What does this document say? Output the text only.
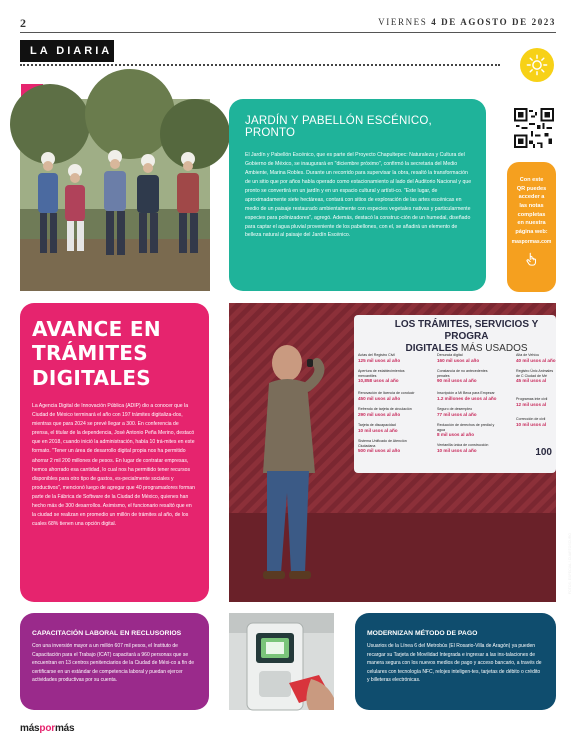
2	VIERNES 4 DE AGOSTO DE 2023
LA DIARIA
JARDÍN Y PABELLÓN ESCÉNICO, PRONTO
El Jardín y Pabellón Escénico, que es parte del Proyecto Chapultepec: Naturaleza y Cultura del Gobierno de México, se inaugurará en "diciembre próximo", confirmó la secretaria del Medio Ambiente, Marina Robles. Durante un recorrido para supervisar la obra, resaltó la transformación de un sitio que por años había operado como estacionamiento al lado del Auditorio Nacional y que pronto se convertirá en un jardín y en un espacio cultural y artísti-co. "Este lugar, de aproximadamente siete hectáreas, contará con sitios de exploración de las artes escénicas en medio de un paisaje restaurado ambientalmente con especies vegetales nativas y particularmente especies para polinizadores", agregó. Además, destacó la construc-ción de un humedal, diseñado para captar el agua pluvial proveniente de los pabellones, con el, se añadirá un elemento de belleza natural al paisaje del Jardín Escénico.
Con este
QR puedes
acceder a
las notas
completas
en nuestra
página web:
maspormas.com
AVANCE EN TRÁMITES DIGITALES
La Agencia Digital de Innovación Pública (ADIP) dio a conocer que la Ciudad de México terminará el año con 197 trámites digitaliza-dos, mientras que para 2024 se prevé llegar a 300. En conferencia de prensa, el titular de la dependencia, José Antonio Peña Merino, destacó que en 2018, cuando inició la administración, había 10 trá-mites en este formato. "Tener un área de desarrollo digital propia nos ha permitido ahorrar 2 mil 200 millones de pesos. En lugar de contratar empresas, hemos ahorrado esa cantidad, lo cual nos ha permitido tener recursos disponibles para otro tipo de gastos, es-pecialmente sociales y productivos", mencionó luego de agregar que 40 programadores forman parte de la Fábrica de Software de la Ciudad de México, quienes han hecho más de 300 desarrollos. Asimismo, el funcionario resaltó que en la ciudad se realizan en promedio un millón de trámites al año, de los cuales 68% tienen una opción digital.
LOS TRÁMITES, SERVICIOS Y PROGRA
DIGITALES MÁS USADOS
Actas del Registro Civil
125 mil usos al año
Apertura de establecimientos mercantiles
10,858 usos al año
Renovación de licencia de conducir
450 mil usos al año
Refrendo de tarjeta de circulación
290 mil usos al año
Tarjeta de discapacidad
10 mil usos al año
Sistema Unificado de Atención Ciudadana
500 mil usos al año
Denuncia digital
160 mil usos al año
Constancia de no antecedentes penales
90 mil usos al año
Inscripción a Mi Beca para Empezar
1.2 millones de usos al año
Seguro de desempleo
77 mil usos al año
Reducción de derechos de predial y agua
8 mil usos al año
Ventanilla única de construcción
10 mil usos al año
Alta de Vehícu
40 mil usos al año
Registro Únic Animales de C Ciudad de Mé
45 mil usos al
Programas inte civil
12 mil usos al
Corrección de civil
10 mil usos al
100
FOTOS: ESPECIAL / CUARTOSCURO
CAPACITACIÓN LABORAL EN RECLUSORIOS
Con una inversión mayor a un millón 607 mil pesos, el Instituto de Capacitación para el Trabajo (ICAT) capacitará a 960 personas que se encuentran en 13 centros penitenciarios de la Ciudad de Méxi-co a fin de certificarse en un estándar de competencia laboral y puedan ejercer actividades productivas por su cuenta.
MODERNIZAN MÉTODO DE PAGO
Usuarios de la Línea 6 del Metrobús (El Rosario-Villa de Aragón) ya pueden recargar su Tarjeta de Movilidad Integrada e ingresar a las ins-talaciones de manera segura con los nuevos medios de pago y acceso bancario, a través de celulares con tecnología NFC, relojes inteligen-tes, tarjetas de débito o crédito y billeteras electrónicas.
máspormás
